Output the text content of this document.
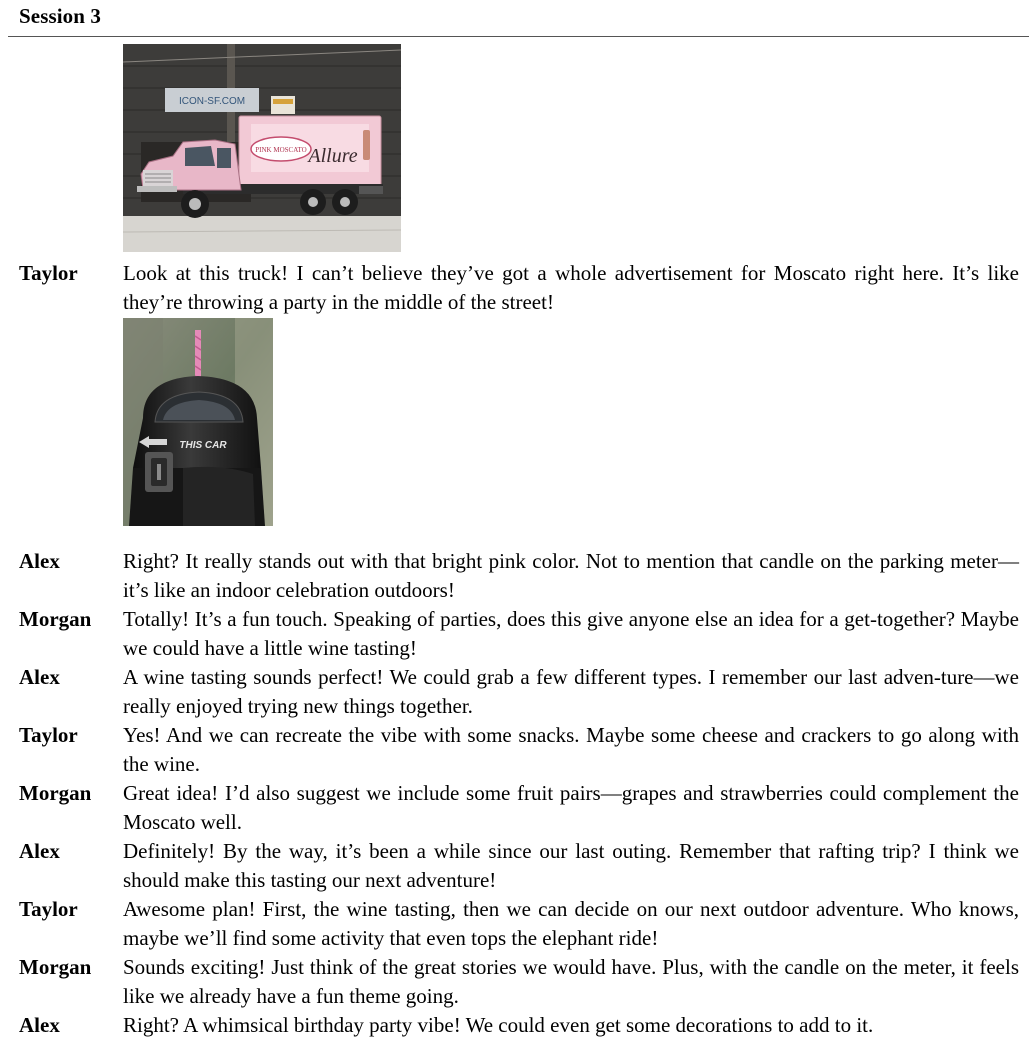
Session 3
ICON-SF.COM
PINK MOSCATO Allure
THIS CAR
Taylor Look at this truck! I can’t believe they’ve got a whole advertisement for Moscato right here. It’s like they’re throwing a party in the middle of the street!
Alex	Right? It really stands out with that bright pink color. Not to mention that candle on the parking meter—it’s like an indoor celebration outdoors!
Morgan Totally! It’s a fun touch. Speaking of parties, does this give anyone else an idea for a get-together? Maybe we could have a little wine tasting!
Alex	A wine tasting sounds perfect! We could grab a few different types. I remember our last adven-ture—we really enjoyed trying new things together.
Taylor Yes! And we can recreate the vibe with some snacks. Maybe some cheese and crackers to go along with the wine.
Morgan Great idea! I’d also suggest we include some fruit pairs—grapes and strawberries could complement the Moscato well.
Alex	Definitely! By the way, it’s been a while since our last outing. Remember that rafting trip? I think we should make this tasting our next adventure!
Taylor Awesome plan! First, the wine tasting, then we can decide on our next outdoor adventure. Who knows, maybe we’ll find some activity that even tops the elephant ride!
Morgan Sounds exciting! Just think of the great stories we would have. Plus, with the candle on the meter, it feels like we already have a fun theme going.
Alex	Right? A whimsical birthday party vibe! We could even get some decorations to add to it.
